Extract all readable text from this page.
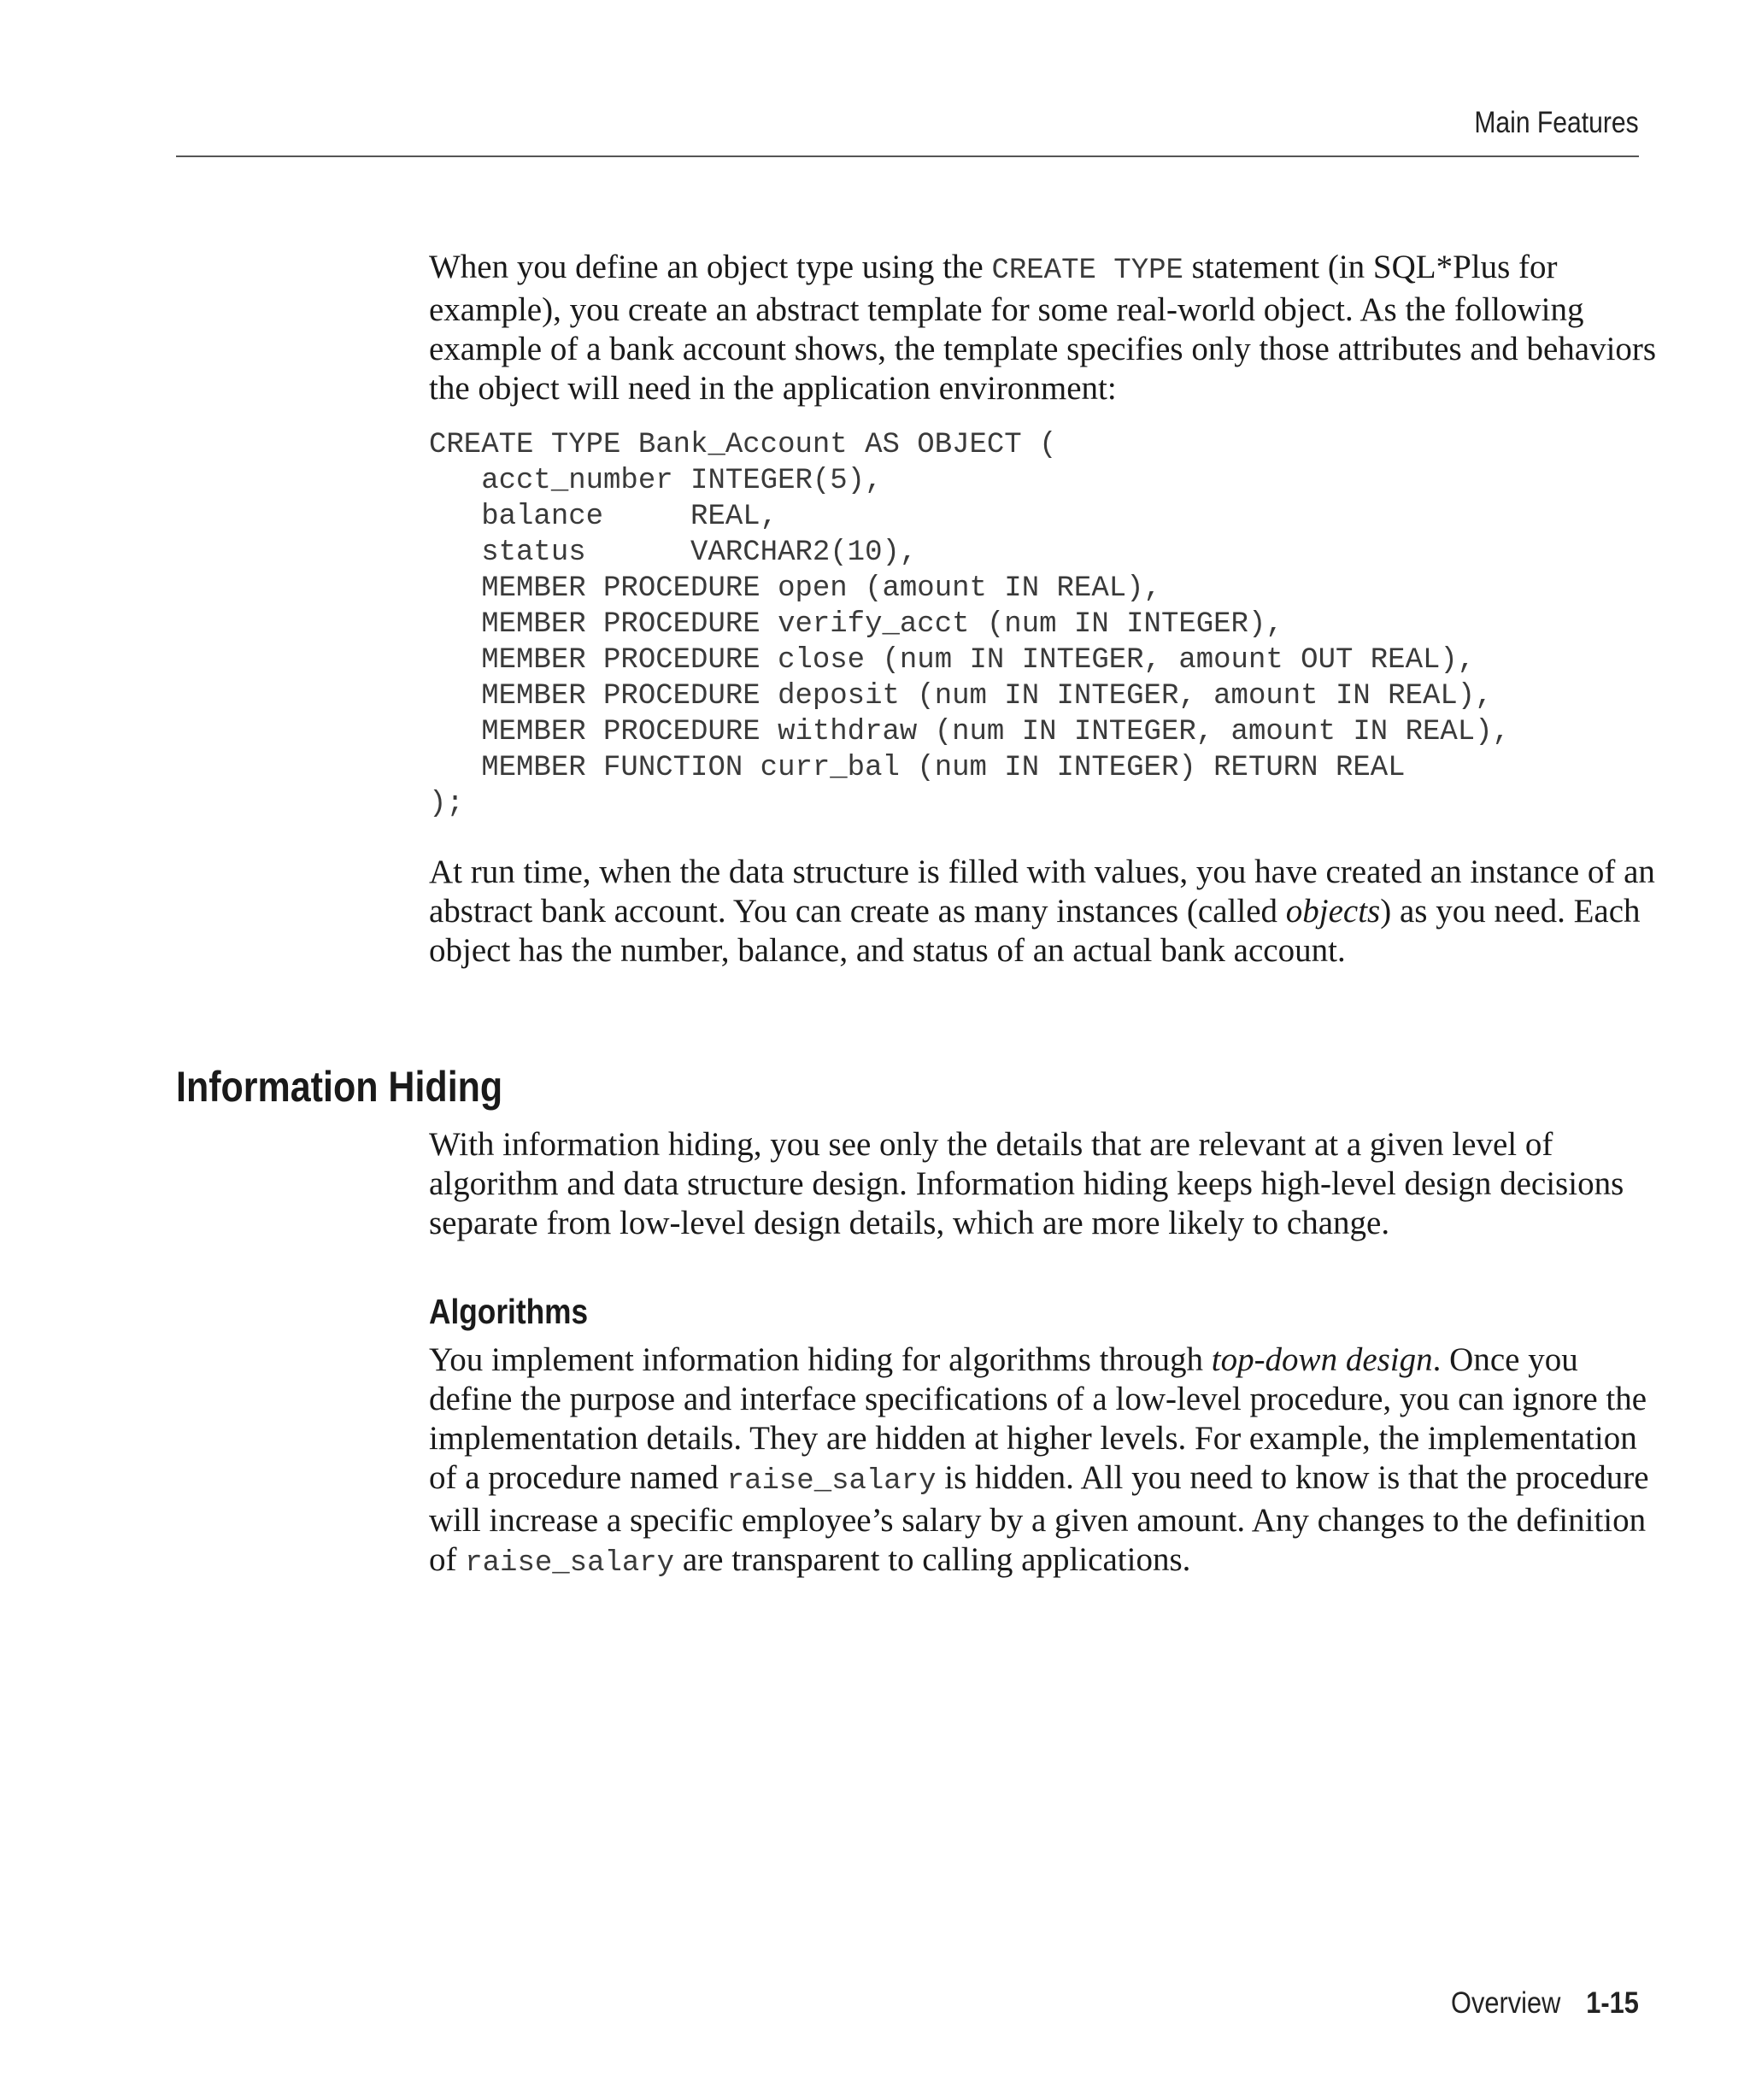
Main Features

When you define an object type using the CREATE TYPE statement (in SQL*Plus for example), you create an abstract template for some real-world object. As the following example of a bank account shows, the template specifies only those attributes and behaviors the object will need in the application environment:

CREATE TYPE Bank_Account AS OBJECT (
acct_number INTEGER(5),
balance     REAL,
status      VARCHAR2(10),
MEMBER PROCEDURE open (amount IN REAL),
MEMBER PROCEDURE verify_acct (num IN INTEGER),
MEMBER PROCEDURE close (num IN INTEGER, amount OUT REAL),
MEMBER PROCEDURE deposit (num IN INTEGER, amount IN REAL),
MEMBER PROCEDURE withdraw (num IN INTEGER, amount IN REAL),
MEMBER FUNCTION curr_bal (num IN INTEGER) RETURN REAL
);

At run time, when the data structure is filled with values, you have created an instance of an abstract bank account. You can create as many instances (called objects) as you need. Each object has the number, balance, and status of an actual bank account.

Information Hiding

With information hiding, you see only the details that are relevant at a given level of algorithm and data structure design. Information hiding keeps high-level design decisions separate from low-level design details, which are more likely to change.

Algorithms

You implement information hiding for algorithms through top-down design. Once you define the purpose and interface specifications of a low-level procedure, you can ignore the implementation details. They are hidden at higher levels. For example, the implementation of a procedure named raise_salary is hidden. All you need to know is that the procedure will increase a specific employee’s salary by a given amount. Any changes to the definition of raise_salary are transparent to calling applications.

Overview 1-15
